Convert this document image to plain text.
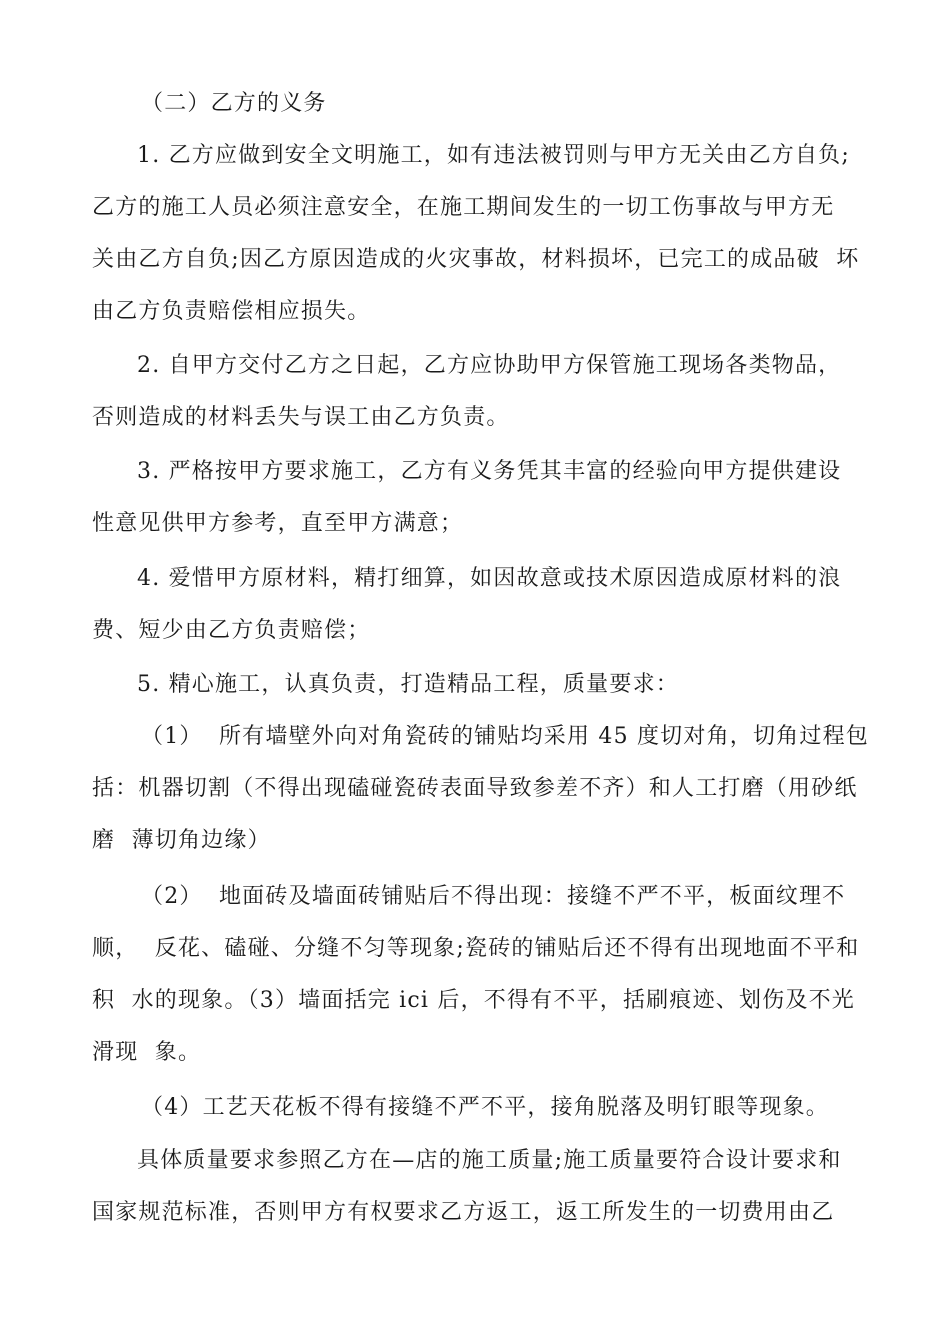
（二）乙方的义务
1. 乙方应做到安全文明施工，如有违法被罚则与甲方无关由乙方自负;
乙方的施工人员必须注意安全，在施工期间发生的一切工伤事故与甲方无
关由乙方自负;因乙方原因造成的火灾事故，材料损坏，已完工的成品破  坏
由乙方负责赔偿相应损失。
2. 自甲方交付乙方之日起，乙方应协助甲方保管施工现场各类物品，
否则造成的材料丢失与误工由乙方负责。
3. 严格按甲方要求施工，乙方有义务凭其丰富的经验向甲方提供建设
性意见供甲方参考，直至甲方满意；
4. 爱惜甲方原材料，精打细算，如因故意或技术原因造成原材料的浪
费、短少由乙方负责赔偿；
5. 精心施工，认真负责，打造精品工程，质量要求：
（1）  所有墙壁外向对角瓷砖的铺贴均采用 45 度切对角，切角过程包
括：机器切割（不得出现磕碰瓷砖表面导致参差不齐）和人工打磨（用砂纸
磨  薄切角边缘）
（2）  地面砖及墙面砖铺贴后不得出现：接缝不严不平，板面纹理不
顺，  反花、磕碰、分缝不匀等现象;瓷砖的铺贴后还不得有出现地面不平和
积  水的现象。（3）墙面括完 ici 后，不得有不平，括刷痕迹、划伤及不光
滑现  象。
（4）工艺天花板不得有接缝不严不平，接角脱落及明钉眼等现象。
具体质量要求参照乙方在—店的施工质量;施工质量要符合设计要求和
国家规范标准，否则甲方有权要求乙方返工，返工所发生的一切费用由乙
